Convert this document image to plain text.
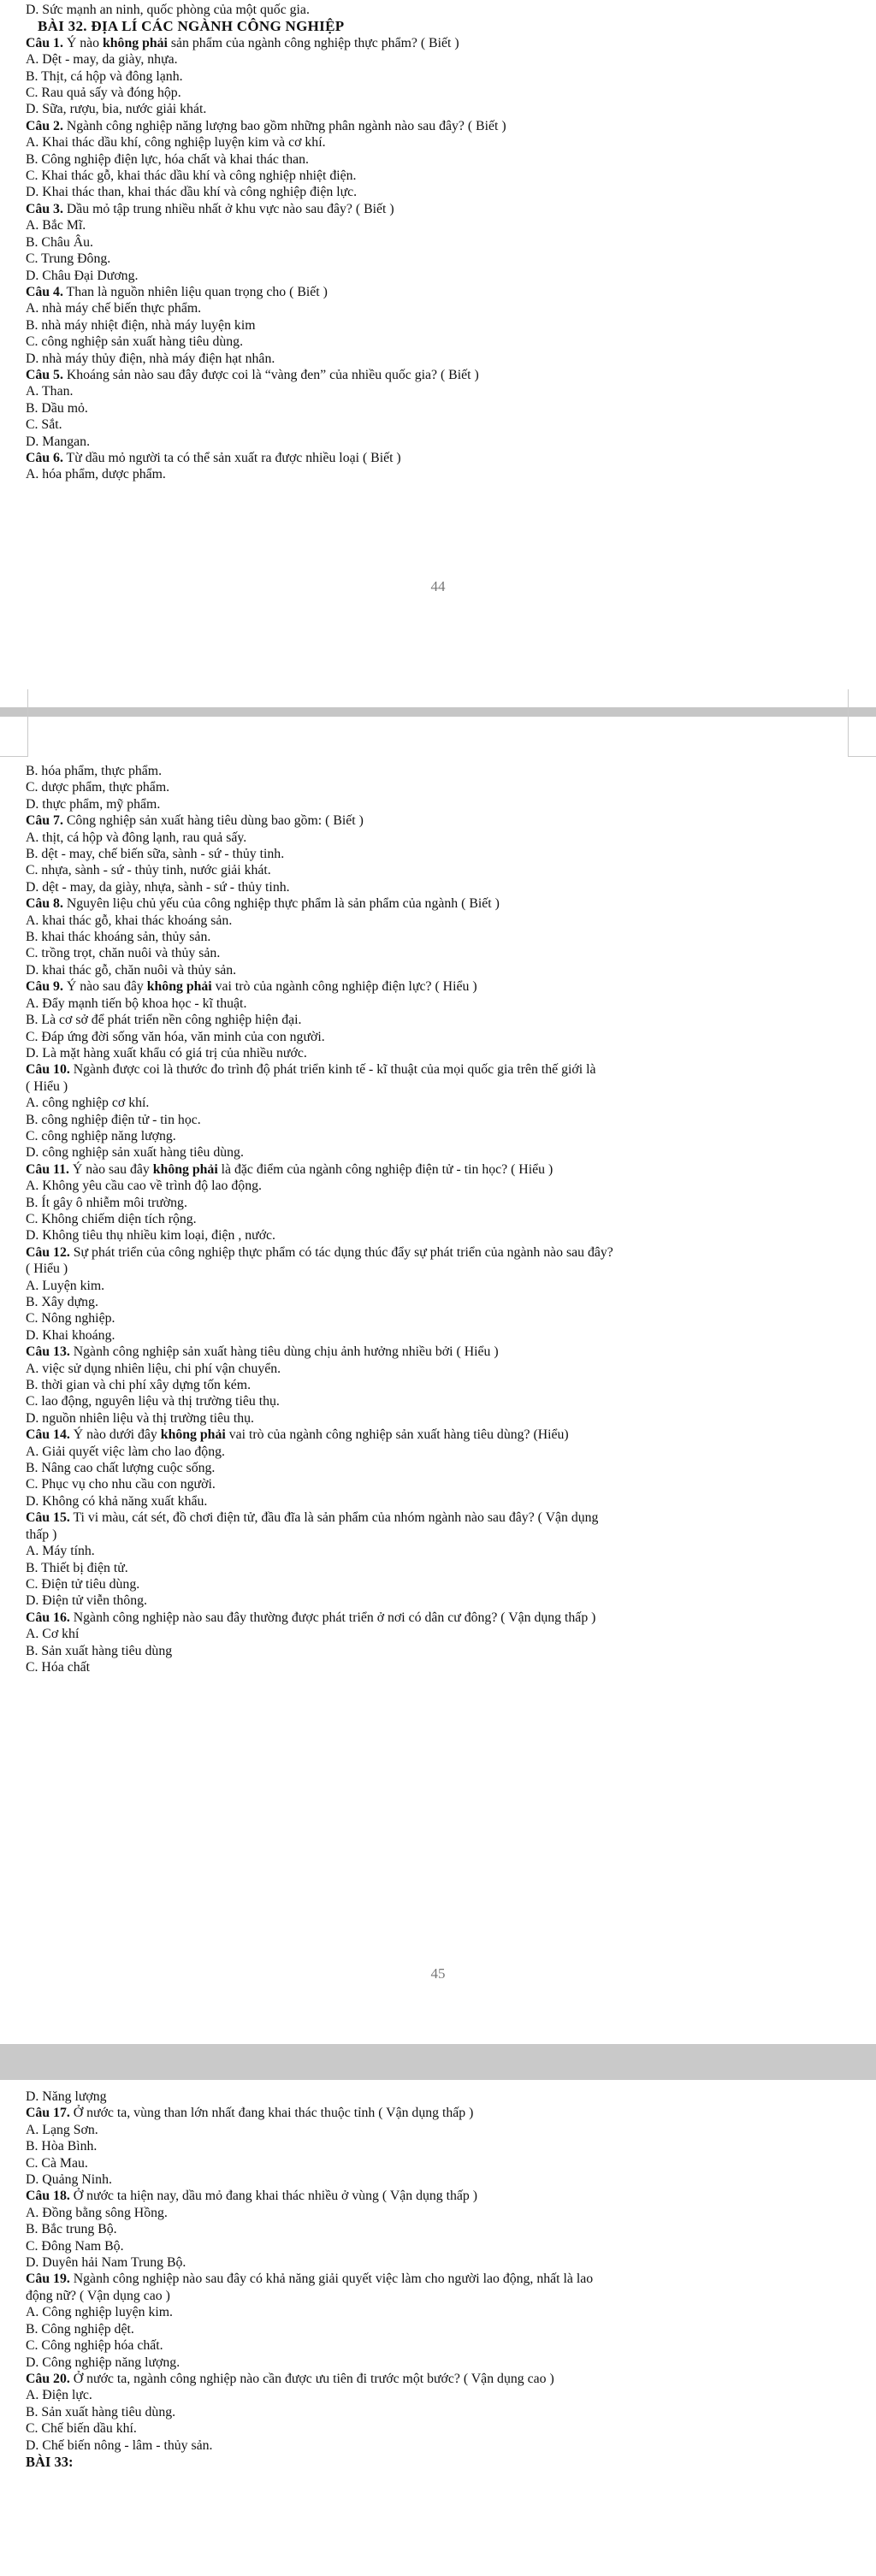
D. Sức mạnh an ninh, quốc phòng của một quốc gia.
BÀI 32. ĐỊA LÍ CÁC NGÀNH CÔNG NGHIỆP
Câu 1. Ý nào không phải sản phẩm của ngành công nghiệp thực phẩm? ( Biết )
A. Dệt - may, da giày, nhựa.
B. Thịt, cá hộp và đông lạnh.
C. Rau quả sấy và đóng hộp.
D. Sữa, rượu, bia, nước giải khát.
Câu 2. Ngành công nghiệp năng lượng bao gồm những phân ngành nào sau đây? ( Biết )
A. Khai thác dầu khí, công nghiệp luyện kim và cơ khí.
B. Công nghiệp điện lực, hóa chất và khai thác than.
C. Khai thác gỗ, khai thác dầu khí và công nghiệp nhiệt điện.
D. Khai thác than, khai thác dầu khí và công nghiệp điện lực.
Câu 3. Dầu mỏ tập trung nhiều nhất ở khu vực nào sau đây? ( Biết )
A. Bắc Mĩ.
B. Châu Âu.
C. Trung Đông.
D. Châu Đại Dương.
Câu 4. Than là nguồn nhiên liệu quan trọng cho ( Biết )
A. nhà máy chế biến thực phẩm.
B. nhà máy nhiệt điện, nhà máy luyện kim
C. công nghiệp sản xuất hàng tiêu dùng.
D. nhà máy thủy điện, nhà máy điện hạt nhân.
Câu 5. Khoáng sản nào sau đây được coi là “vàng đen” của nhiều quốc gia? ( Biết )
A. Than.
B. Dầu mỏ.
C. Sắt.
D. Mangan.
Câu 6. Từ dầu mỏ người ta có thể sản xuất ra được nhiều loại ( Biết )
A. hóa phẩm, dược phẩm.
44
B. hóa phẩm, thực phẩm.
C. dược phẩm, thực phẩm.
D. thực phẩm, mỹ phẩm.
Câu 7. Công nghiệp sản xuất hàng tiêu dùng bao gồm: ( Biết )
A. thịt, cá hộp và đông lạnh, rau quả sấy.
B. dệt - may, chế biến sữa, sành - sứ - thủy tinh.
C. nhựa, sành - sứ - thủy tinh, nước giải khát.
D. dệt - may, da giày, nhựa, sành - sứ - thủy tinh.
Câu 8. Nguyên liệu chủ yếu của công nghiệp thực phẩm là sản phẩm của ngành ( Biết )
A. khai thác gỗ, khai thác khoáng sản.
B. khai thác khoáng sản, thủy sản.
C. trồng trọt, chăn nuôi và thủy sản.
D. khai thác gỗ, chăn nuôi và thủy sản.
Câu 9. Ý nào sau đây không phải vai trò của ngành công nghiệp điện lực? ( Hiểu )
A. Đẩy mạnh tiến bộ khoa học - kĩ thuật.
B. Là cơ sở để phát triển nền công nghiệp hiện đại.
C. Đáp ứng đời sống văn hóa, văn minh của con người.
D. Là mặt hàng xuất khẩu có giá trị của nhiều nước.
Câu 10. Ngành được coi là thước đo trình độ phát triển kinh tế - kĩ thuật của mọi quốc gia trên thế giới là
( Hiểu )
A. công nghiệp cơ khí.
B. công nghiệp điện tử - tin học.
C. công nghiệp năng lượng.
D. công nghiệp sản xuất hàng tiêu dùng.
Câu 11. Ý nào sau đây không phải là đặc điểm của ngành công nghiệp điện tử - tin học? ( Hiểu )
A. Không yêu cầu cao về trình độ lao động.
B. Ít gây ô nhiễm môi trường.
C. Không chiếm diện tích rộng.
D. Không tiêu thụ nhiều kim loại, điện , nước.
Câu 12. Sự phát triển của công nghiệp thực phẩm có tác dụng thúc đẩy sự phát triển của ngành nào sau đây?
( Hiểu )
A. Luyện kim.
B. Xây dựng.
C. Nông nghiệp.
D. Khai khoáng.
Câu 13. Ngành công nghiệp sản xuất hàng tiêu dùng chịu ảnh hưởng nhiều bởi ( Hiểu )
A. việc sử dụng nhiên liệu, chi phí vận chuyển.
B. thời gian và chi phí xây dựng tốn kém.
C. lao động, nguyên liệu và thị trường tiêu thụ.
D. nguồn nhiên liệu và thị trường tiêu thụ.
Câu 14. Ý nào dưới đây không phải vai trò của ngành công nghiệp sản xuất hàng tiêu dùng? (Hiểu)
A. Giải quyết việc làm cho lao động.
B. Nâng cao chất lượng cuộc sống.
C. Phục vụ cho nhu cầu con người.
D. Không có khả năng xuất khẩu.
Câu 15. Ti vi màu, cát sét, đồ chơi điện tử, đầu đĩa là sản phẩm của nhóm ngành nào sau đây? ( Vận dụng
thấp )
A. Máy tính.
B. Thiết bị điện tử.
C. Điện tử tiêu dùng.
D. Điện tử viễn thông.
Câu 16. Ngành công nghiệp nào sau đây thường được phát triển ở nơi có dân cư đông? ( Vận dụng thấp )
A. Cơ khí
B. Sản xuất hàng tiêu dùng
C. Hóa chất
45
D. Năng lượng
Câu 17. Ở nước ta, vùng than lớn nhất đang khai thác thuộc tỉnh ( Vận dụng thấp )
A. Lạng Sơn.
B. Hòa Bình.
C. Cà Mau.
D. Quảng Ninh.
Câu 18. Ở nước ta hiện nay, dầu mỏ đang khai thác nhiều ở vùng ( Vận dụng thấp )
A. Đồng bằng sông Hồng.
B. Bắc trung Bộ.
C. Đông Nam Bộ.
D. Duyên hải Nam Trung Bộ.
Câu 19. Ngành công nghiệp nào sau đây có khả năng giải quyết việc làm cho người lao động, nhất là lao
động nữ? ( Vận dụng cao )
A. Công nghiệp luyện kim.
B. Công nghiệp dệt.
C. Công nghiệp hóa chất.
D. Công nghiệp năng lượng.
Câu 20. Ở nước ta, ngành công nghiệp nào cần được ưu tiên đi trước một bước? ( Vận dụng cao )
A. Điện lực.
B. Sản xuất hàng tiêu dùng.
C. Chế biến dầu khí.
D. Chế biến nông - lâm - thủy sản.
BÀI 33:
